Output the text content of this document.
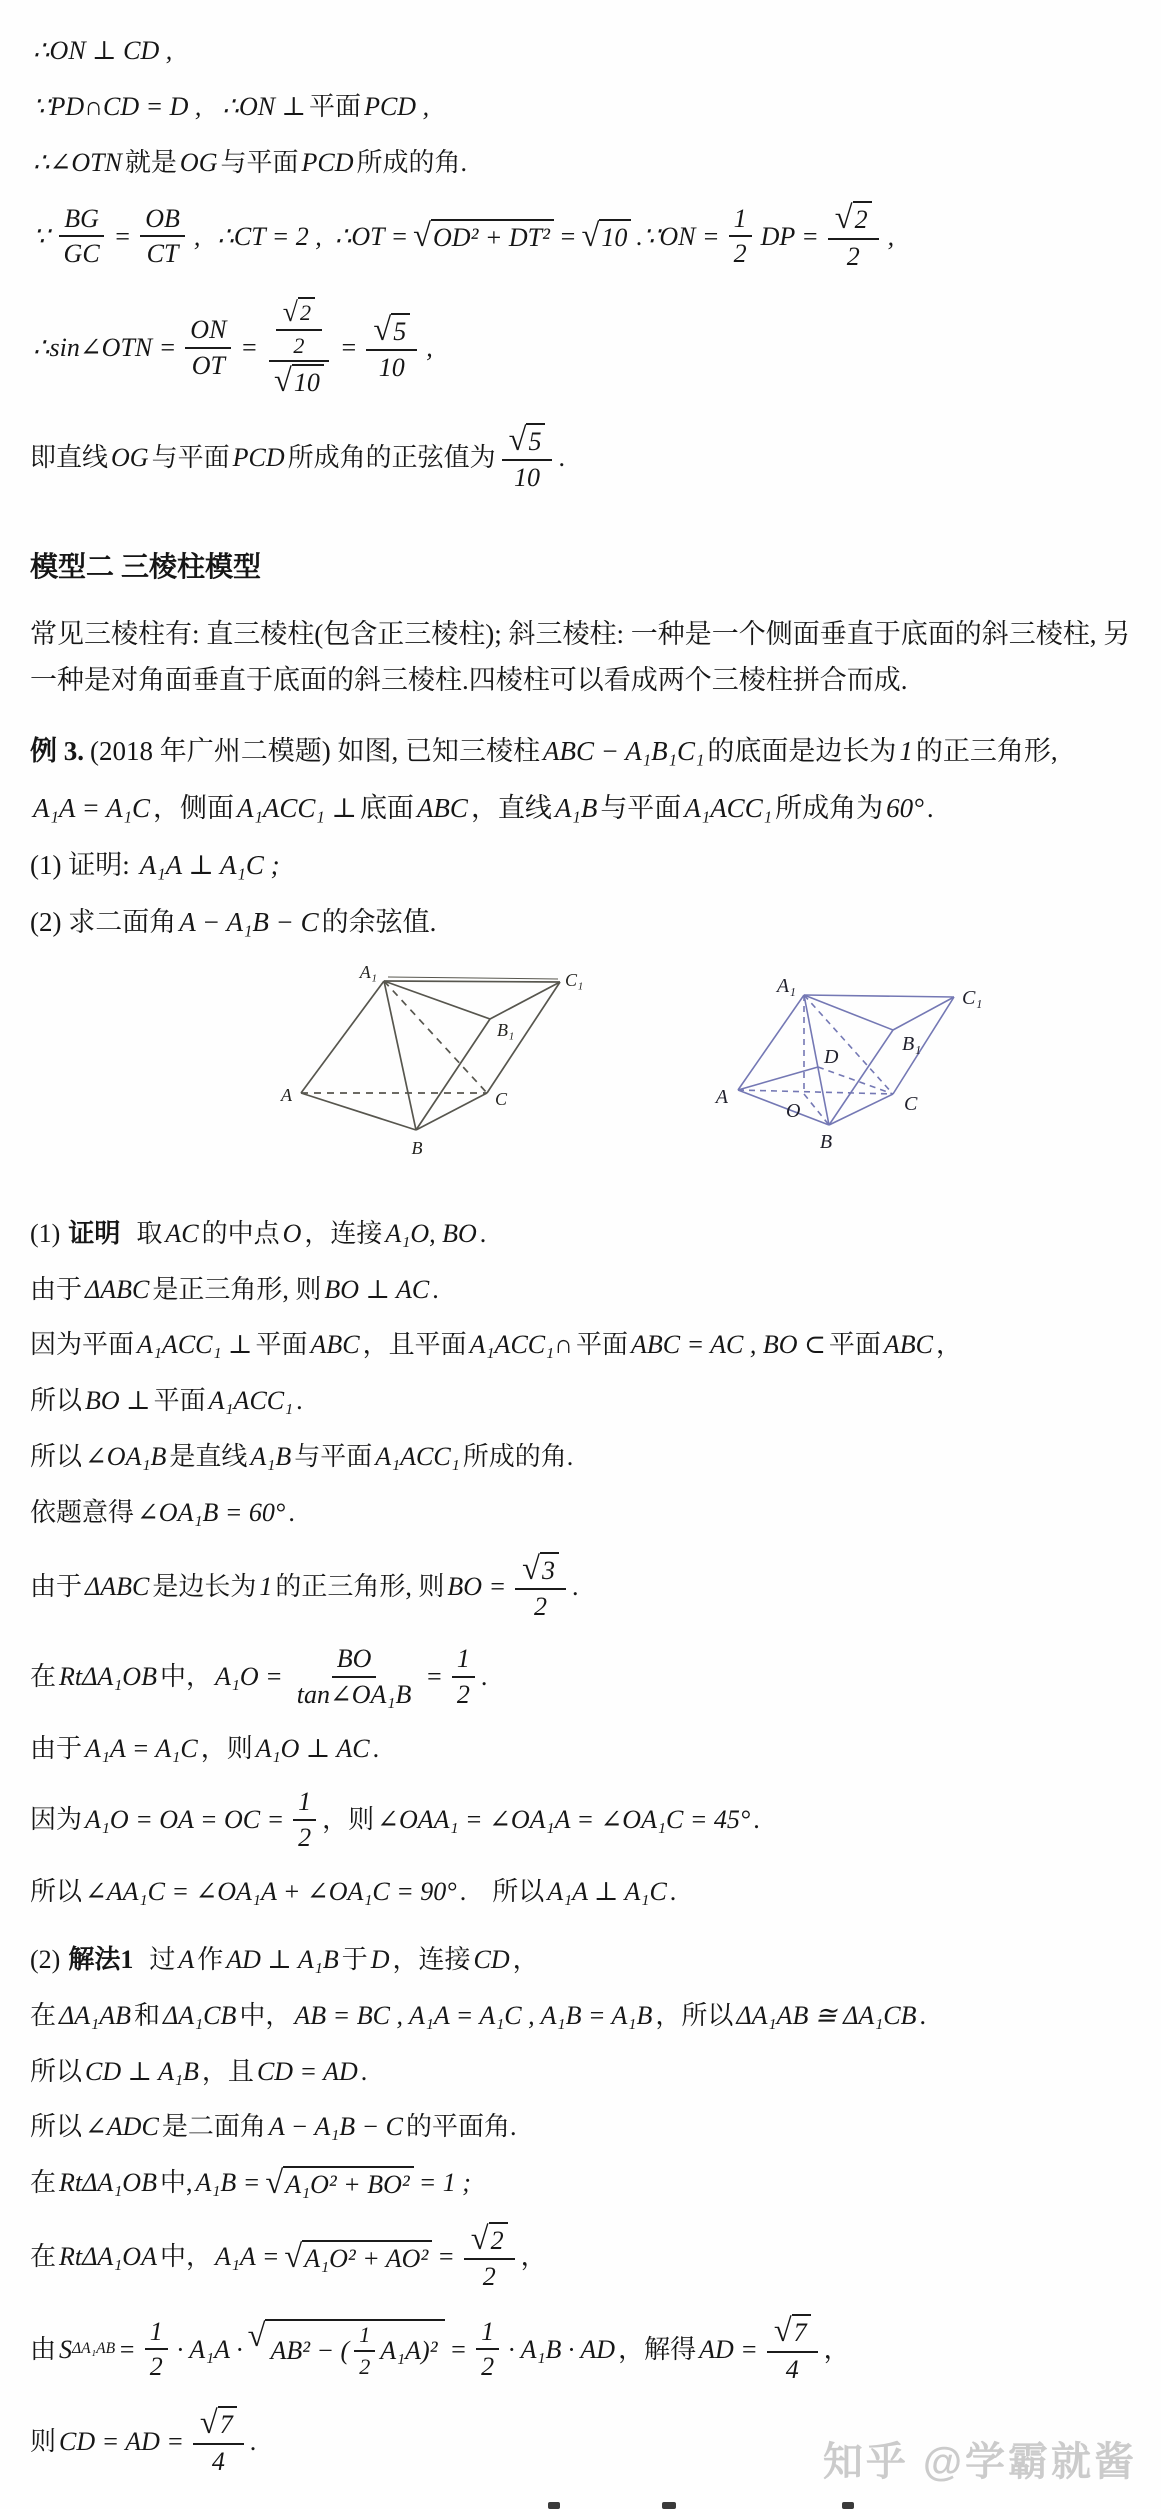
∴ON ⊥ CD ,

∵PD∩CD = D , ∴ON ⊥ 平面 PCD ,

∴∠OTN 就是 OG 与平面 PCD 所成的角.

∵ $\frac{BG}{GC} = \frac{OB}{CT}$ , ∴CT = 2 , ∴OT = √ OD² + DT² = √ 10 .∵ON = $\frac{1}{2}$ DP = $\frac{√ 2}{2}$ ,
∴sin∠OTN = $\frac{ON}{OT} = \frac{\frac{√ 2}{2}}{√ 10} = \frac{√ 5}{10}$ ,
即直线 OG 与平面 PCD 所成角的正弦值为 $\frac{√ 5}{10}$ .
模型二 三棱柱模型

常见三棱柱有: 直三棱柱(包含正三棱柱); 斜三棱柱: 一种是一个侧面垂直于底面的斜三棱柱, 另一种是对角面垂直于底面的斜三棱柱.四棱柱可以看成两个三棱柱拼合而成.

例 3. (2018 年广州二模题) 如图, 已知三棱柱 ABC − A₁B₁C₁ 的底面是边长为 1 的正三角形,

A₁A = A₁C ，侧面 A₁ACC₁ ⊥ 底面 ABC ，直线 A₁B 与平面 A₁ACC₁ 所成角为 60° .

(1) 证明: A₁A ⊥ A₁C ;

(2) 求二面角 A − A₁B − C 的余弦值.

A₁	C₁
B₁
A	C
B
A₁
C₁
B₁
D
A
O	C
B

(1) 证明 取 AC 的中点 O ，连接 A₁O, BO .

由于 ΔABC 是正三角形, 则 BO ⊥ AC .

因为平面 A₁ACC₁ ⊥ 平面 ABC ，且平面 A₁ACC₁∩ 平面 ABC = AC , BO ⊂ 平面 ABC ，

所以 BO ⊥ 平面 A₁ACC₁ .

所以 ∠OA₁B 是直线 A₁B 与平面 A₁ACC₁ 所成的角.

依题意得 ∠OA₁B = 60° .

由于 ΔABC 是边长为 1 的正三角形, 则 BO = $\frac{√ 3}{2}$ .
在 RtΔA₁OB 中， $A_1O = \frac{BO}{\text{tan∠OA₁B}} = \frac{1}{2}$ .

由于 A₁A = A₁C ，则 A₁O ⊥ AC .

因为 A₁O = OA = OC = $\frac{1}{2}$ ，则 ∠OAA₁ = ∠OA₁A = ∠OA₁C = 45° .

所以 ∠AA₁C = ∠OA₁A + ∠OA₁C = 90° . 所以 A₁A ⊥ A₁C .

(2) 解法1 过 A 作 AD ⊥ A₁B 于 D ，连接 CD ，

在 ΔA₁AB 和 ΔA₁CB 中， AB = BC , A₁A = A₁C , A₁B = A₁B ，所以 ΔA₁AB ≅ ΔA₁CB .

所以 CD ⊥ A₁B ，且 CD = AD .

所以 ∠ADC 是二面角 A − A₁B − C 的平面角.

在 RtΔA₁OB 中, A₁B = √ A₁O² + BO² = 1 ;
在 RtΔA₁OA 中， A₁A = √ $A_1O^2 + AO^2 = \frac{√ 2}{2}$ ，
由 S $\Delta A_1AB = \frac{1}{2} \cdot A_1A$ · √ AB² − ( $\frac{1}{2} A_1A)^2 = \frac{1}{2} \cdot A_1B$ · AD ，解得 AD = $\frac{√ 7}{4}$ ，
则 CD = AD = $\frac{√ 7}{4}$ .	知乎 @学霸就酱
